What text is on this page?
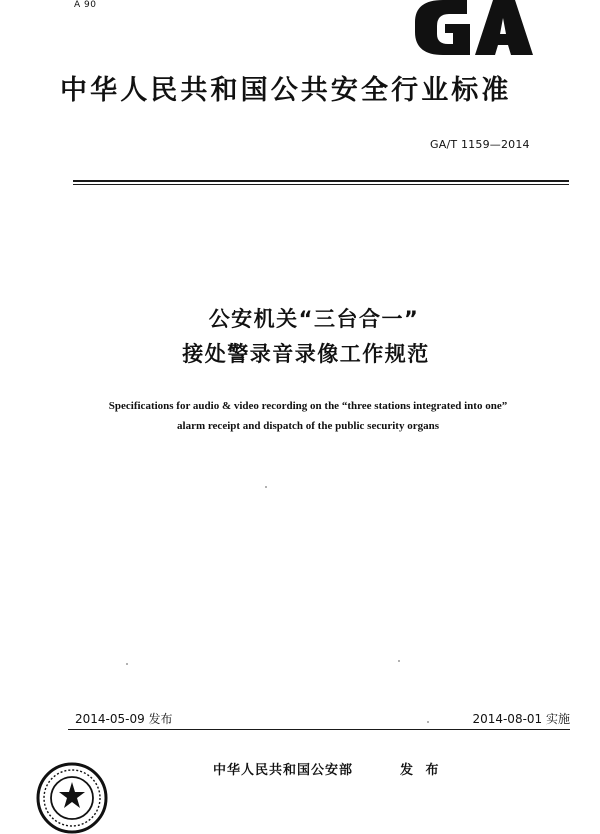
A 90
中华人民共和国公共安全行业标准
GA/T 1159—2014
公安机关“三台合一”
接处警录音录像工作规范
Specifications for audio & video recording on the “three stations integrated into one”
alarm receipt and dispatch of the public security organs
2014-05-09 发布	2014-08-01 实施
中华人民共和国公安部	发 布
